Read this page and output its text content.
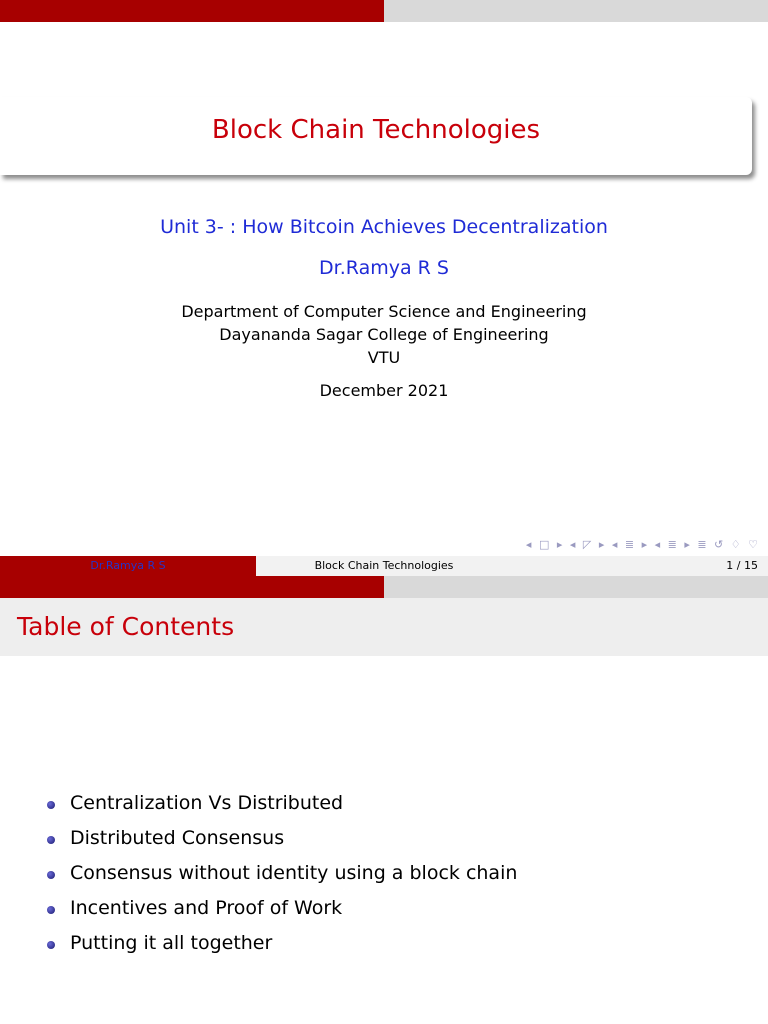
Block Chain Technologies
Unit 3- : How Bitcoin Achieves Decentralization
Dr.Ramya R S
Department of Computer Science and Engineering
Dayananda Sagar College of Engineering
VTU
December 2021
◂ □ ▸ ◂ ◸ ▸ ◂ ≣ ▸ ◂ ≣ ▸ ≣ ↺ ♢ ♡
Dr.Ramya R S	Block Chain Technologies	1 / 15
Table of Contents
Centralization Vs Distributed
Distributed Consensus
Consensus without identity using a block chain
Incentives and Proof of Work
Putting it all together
